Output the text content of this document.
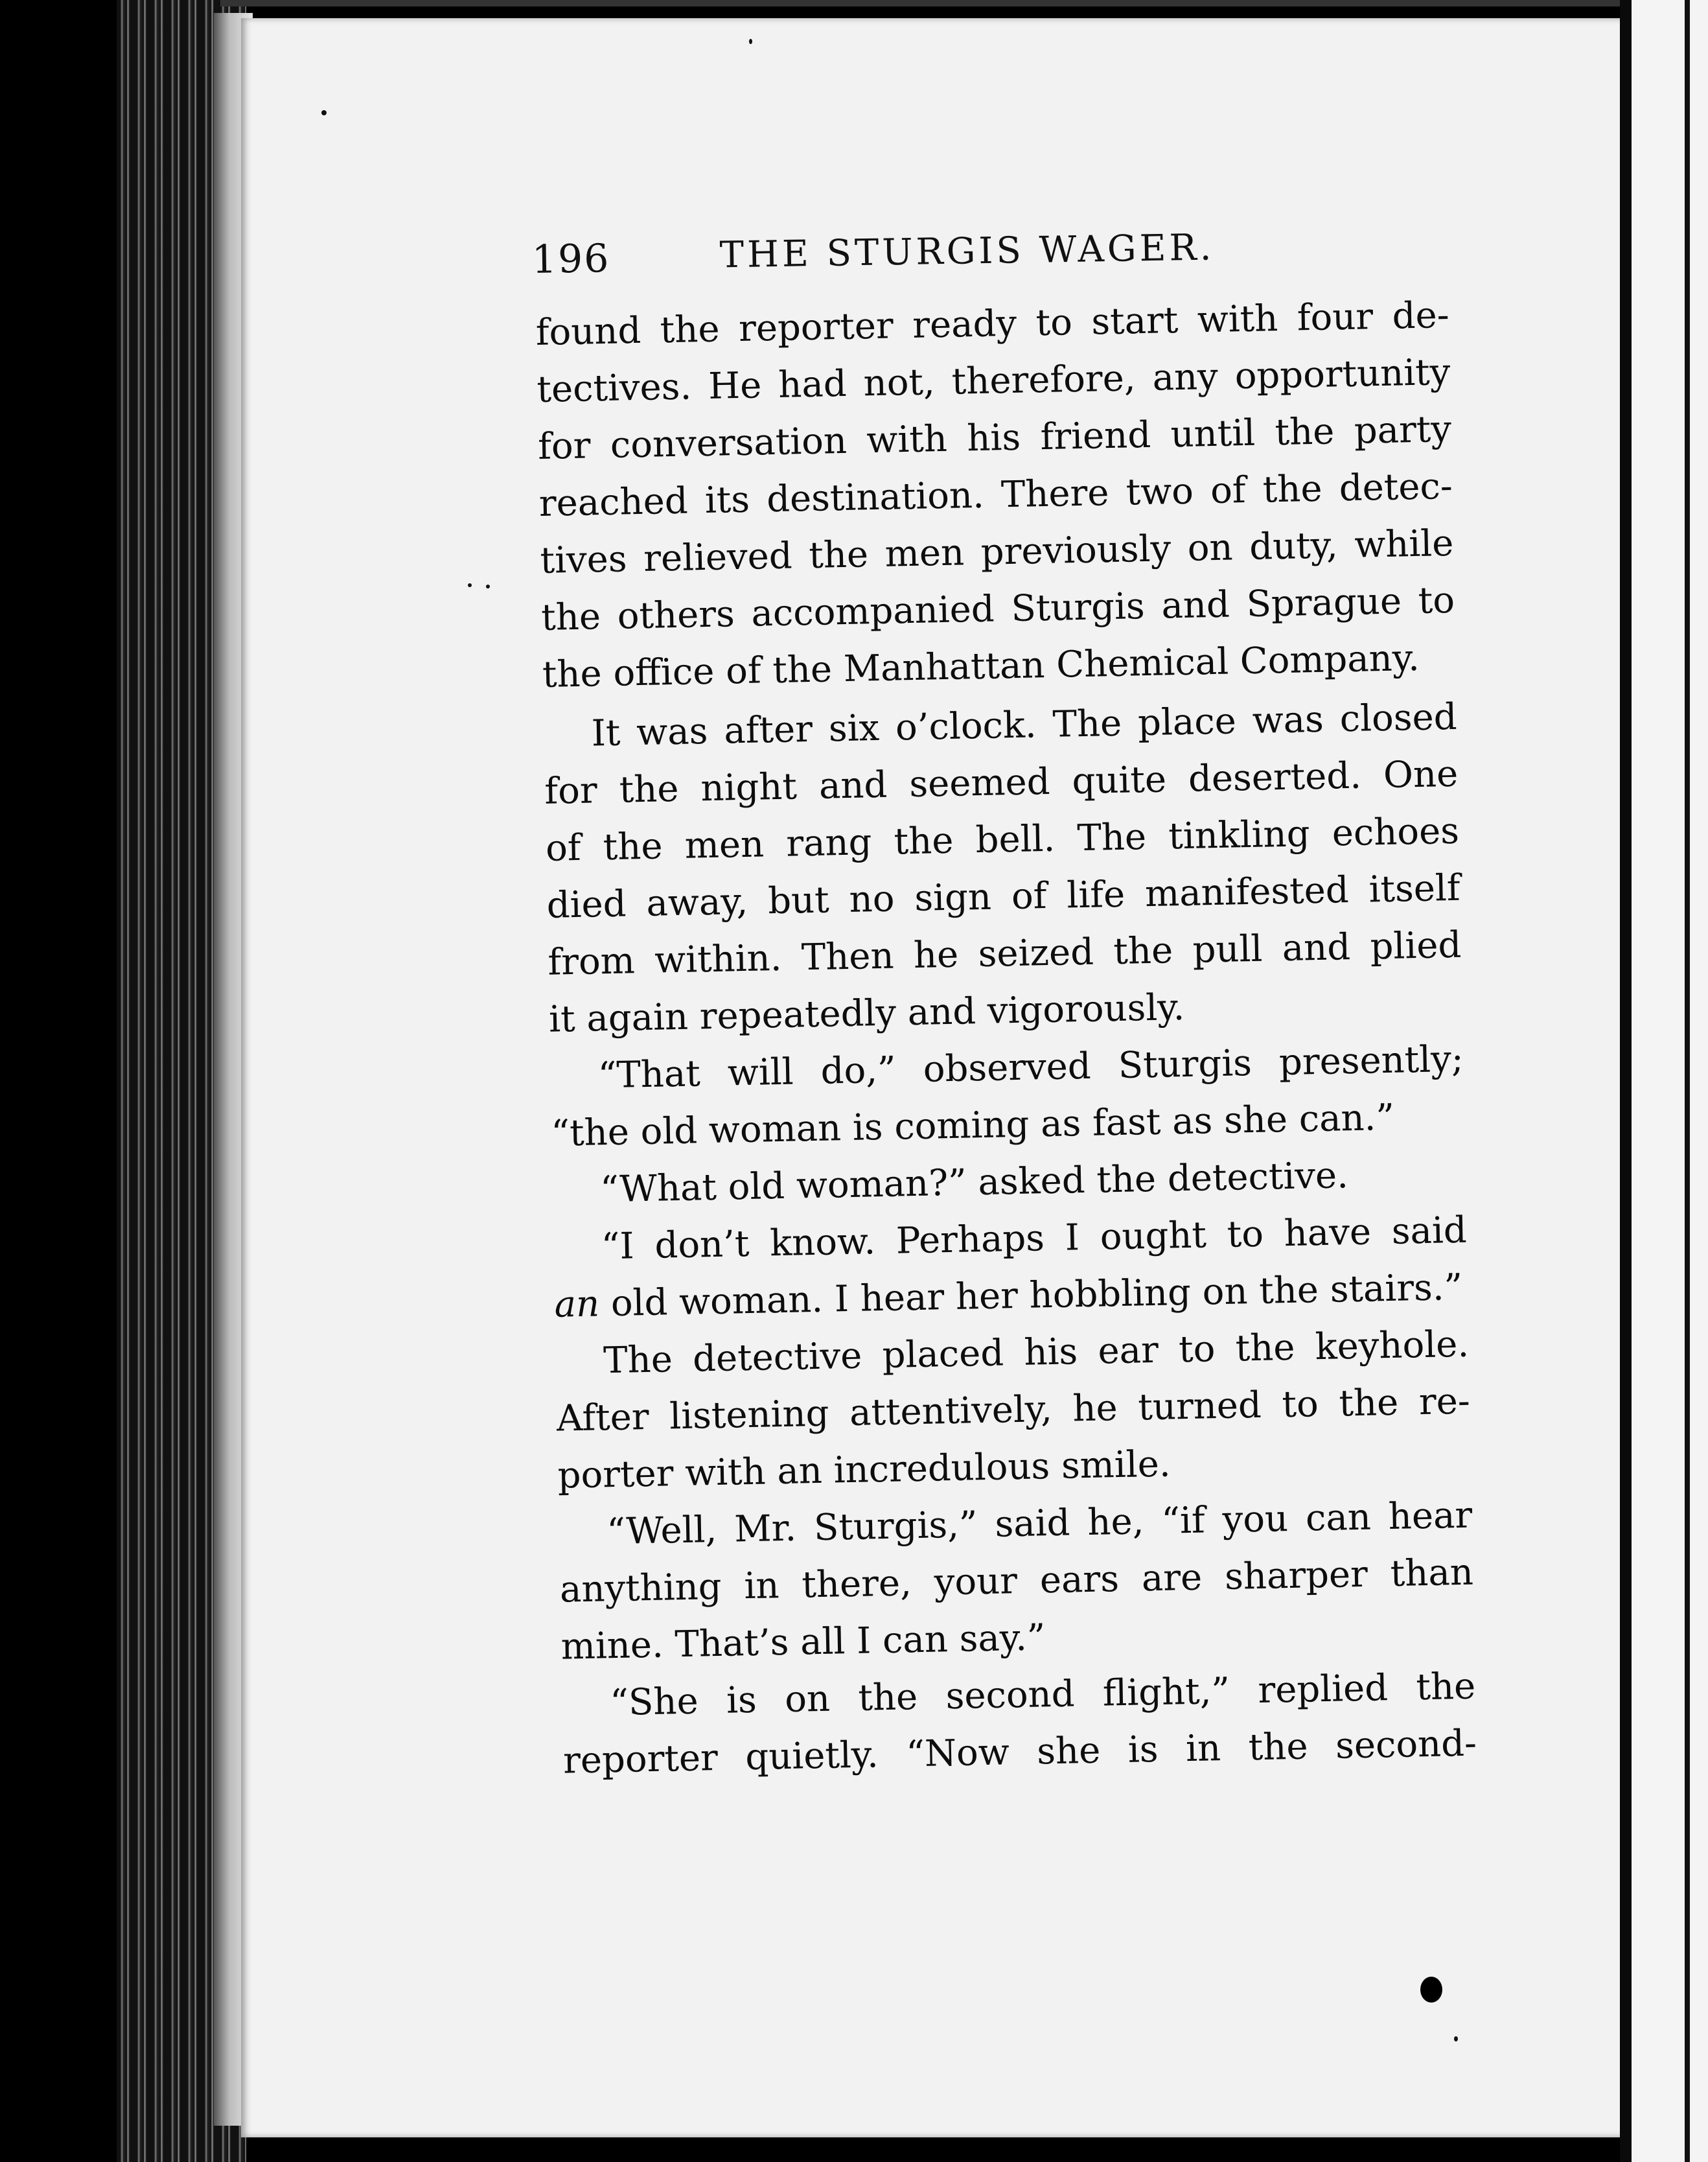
196	THE STURGIS WAGER.
found the reporter ready to start with four de-
tectives. He had not, therefore, any opportunity
for conversation with his friend until the party
reached its destination. There two of the detec-
tives relieved the men previously on duty, while
the others accompanied Sturgis and Sprague to
the office of the Manhattan Chemical Company.
It was after six o’clock. The place was closed
for the night and seemed quite deserted. One
of the men rang the bell. The tinkling echoes
died away, but no sign of life manifested itself
from within. Then he seized the pull and plied
it again repeatedly and vigorously.
“That will do,” observed Sturgis presently;
“the old woman is coming as fast as she can.”
“What old woman?” asked the detective.
“I don’t know. Perhaps I ought to have said
an old woman. I hear her hobbling on the stairs.”
The detective placed his ear to the keyhole.
After listening attentively, he turned to the re-
porter with an incredulous smile.
“Well, Mr. Sturgis,” said he, “if you can hear
anything in there, your ears are sharper than
mine. That’s all I can say.”
“She is on the second flight,” replied the
reporter quietly. “Now she is in the second-
